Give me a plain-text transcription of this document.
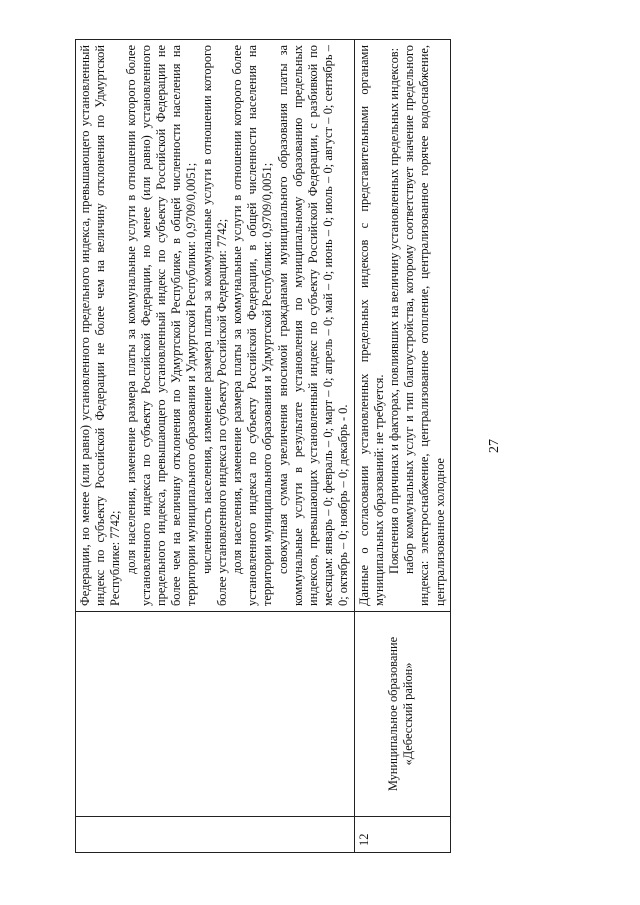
27

		Федерации, но менее (или равно) установленного предельного индекса, превышающего установленный индекс по субъекту Российской Федерации не более чем на величину отклонения по Удмуртской Республике: 7742; доля населения, изменение размера платы за коммунальные услуги в отношении которого более установленного индекса по субъекту Российской Федерации, но менее (или равно) установленного предельного индекса, превышающего установленный индекс по субъекту Российской Федерации не более чем на величину отклонения по Удмуртской Республике, в общей численности населения на территории муниципального образования и Удмуртской Республики: 0,9709/0,0051; численность населения, изменение размера платы за коммунальные услуги в отношении которого более установленного индекса по субъекту Российской Федерации: 7742; доля населения, изменение размера платы за коммунальные услуги в отношении которого более установленного индекса по субъекту Российской Федерации, в общей численности населения на территории муниципального образования и Удмуртской Республики: 0,9709/0,0051; совокупная сумма увеличения вносимой гражданами муниципального образования платы за коммунальные услуги в результате установления по муниципальному образованию предельных индексов, превышающих установленный индекс по субъекту Российской Федерации, с разбивкой по месяцам: январь – 0; февраль – 0; март – 0; апрель – 0; май – 0; июнь – 0; июль – 0; август – 0; сентябрь – 0; октябрь – 0; ноябрь – 0; декабрь - 0.

12	Муниципальное образование «Дебесский район»	Данные о согласовании установленных предельных индексов с представительными органами муниципальных образований: не требуется. Пояснения о причинах и факторах, повлиявших на величину установленных предельных индексов: набор коммунальных услуг и тип благоустройства, которому соответствует значение предельного индекса: электроснабжение, централизованное отопление, централизованное горячее водоснабжение, централизованное холодное
